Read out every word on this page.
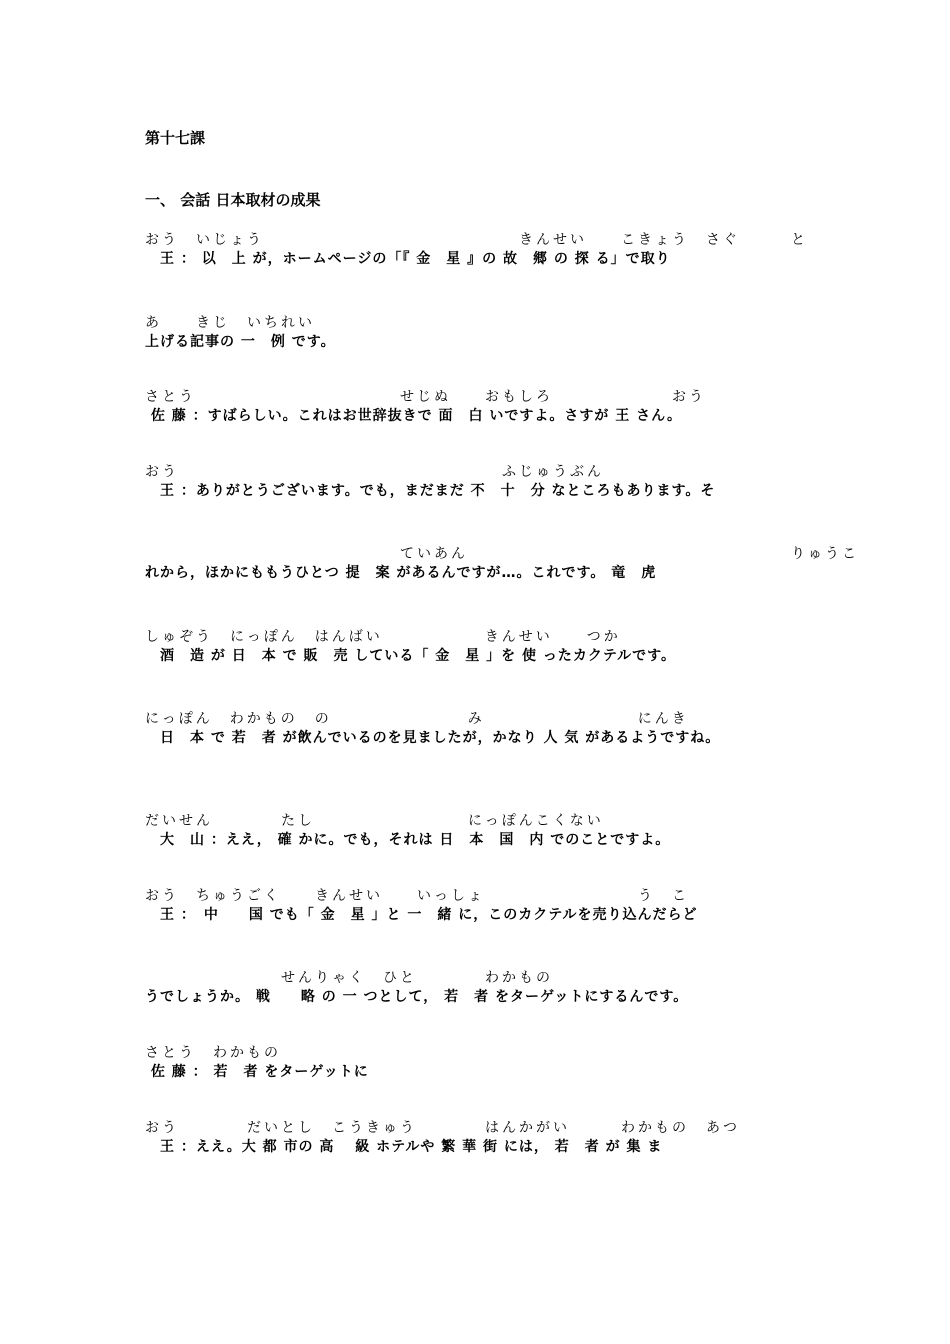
第十七課
一、 会話 日本取材の成果
おう　いじょう　　　　　　　　　　　　　　　きんせい　　こきょう　さぐ　　　と
　王 ： 以　上 が，ホームページの「『 金　星 』の 故　郷 の 探 る」で取り
あ　　きじ　いちれい
上げる記事の 一　例 です。
さとう　　　　　　　　　　　　せじぬ　　おもしろ　　　　　　　おう
佐 藤 ：すばらしい。これはお世辞抜きで 面　白 いですよ。さすが 王 さん。
おう　　　　　　　　　　　　　　　　　　　ふじゅうぶん
　王 ：ありがとうございます。でも，まだまだ 不　十　分 なところもあります。そ
　　　　　　　　　　　　　　　ていあん　　　　　　　　　　　　　　　　　　　りゅうこ
れから，ほかにももうひとつ 提　案 があるんですが…。これです。 竜　虎
しゅぞう　にっぽん　はんばい　　　　　　きんせい　　つか
　酒　造 が 日　本 で 販　売 している「 金　星 」を 使 ったカクテルです。
にっぽん　わかもの　の　　　　　　　　み　　　　　　　　　にんき
　日　本 で 若　者 が飲んでいるのを見ましたが，かなり 人 気 があるようですね。
だいせん　　　　たし　　　　　　　　　にっぽんこくない
　大　山 ：ええ， 確 かに。でも，それは 日　本　国　内 でのことですよ。
おう　ちゅうごく　　きんせい　　いっしょ　　　　　　　　　う　こ
　王 ：　中　　国 でも「 金　星 」と 一　緒 に，このカクテルを売り込んだらど
　　　　　　　　せんりゃく　ひと　　　　わかもの
うでしょうか。 戦　　略 の 一 つとして， 若　者 をターゲットにするんです。
さとう　わかもの
佐 藤 ： 若　者 をターゲットに
おう　　　　だいとし　こうきゅう　　　　はんかがい　　　わかもの　あつ
　王 ：ええ。大 都 市の 高　 級 ホテルや 繁 華 街 には， 若　者 が 集 ま
